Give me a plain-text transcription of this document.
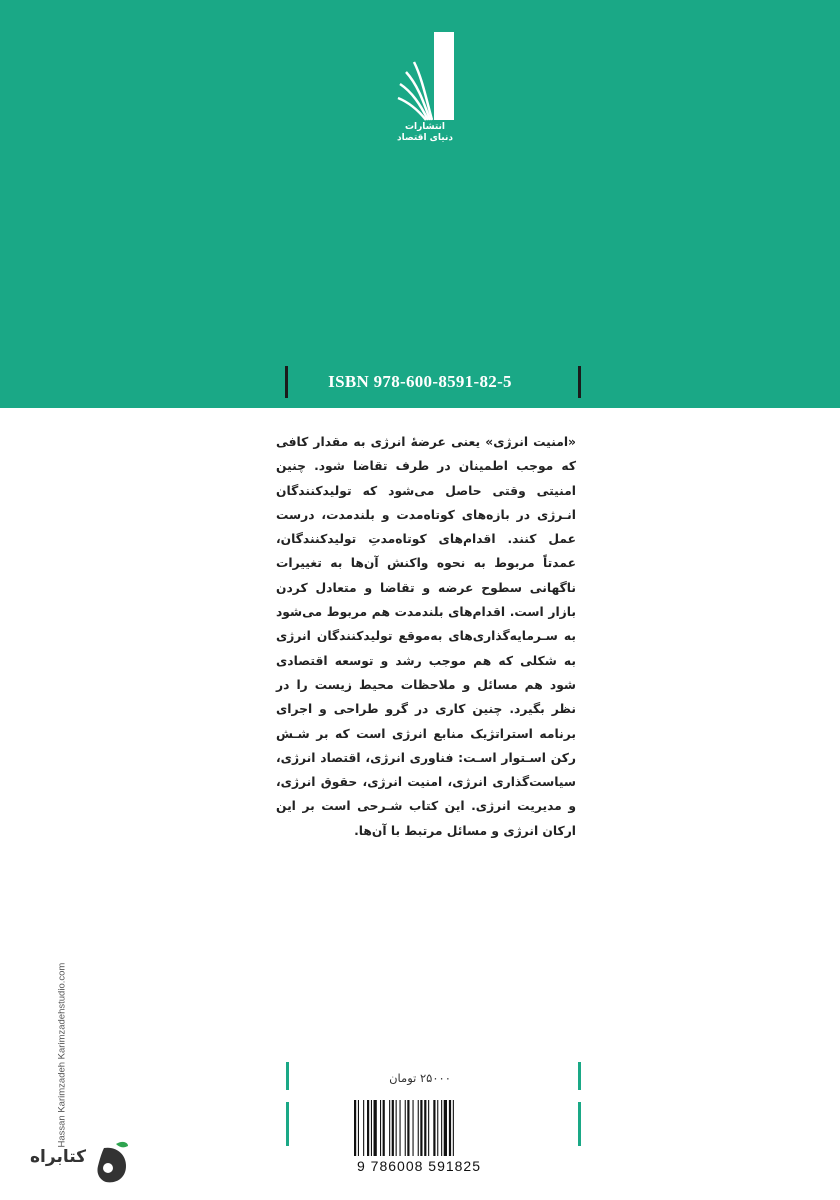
انتشارات
دنیای اقتصاد
ISBN 978-600-8591-82-5
«امنیت انرژی» یعنی عرضۀ انرژی به مقدار کافی که موجب اطمینان در طرف تقاضا شود. چنین امنیتی وقتی حاصل می‌شود که تولیدکنندگان انـرژی در بازه‌های کوتاه‌مدت و بلندمدت، درست عمل کنند. اقدام‌های کوتاه‌مدتِ تولیدکنندگان، عمدتاً مربوط به نحوه واکنش آن‌ها به تغییرات ناگهانی سطوح عرضه و تقاضا و متعادل کردن بازار است. اقدام‌های بلندمدت هم مربوط می‌شود به سـرمایه‌گذاری‌های به‌موقع تولیدکنندگان انرژی به شکلی که هم موجب رشد و توسعه اقتصادی شود هم مسائل و ملاحظات محیط زیست را در نظر بگیرد. چنین کاری در گرو طراحی و اجرای برنامه استراتژیک منابع انرژی است که بر شـش رکن اسـتوار اسـت: فناوری انرژی، اقتصاد انرژی، سیاست‌گذاری انرژی، امنیت انرژی، حقوق انرژی، و مدیریت انرژی. این کتاب شـرحی است بر این ارکان انرژی و مسائل مرتبط با آن‌ها.
Hassan Karimzadeh Karimzadehstudio.com	۲۵۰۰۰ تومان
9 786008 591825
کتابراه
